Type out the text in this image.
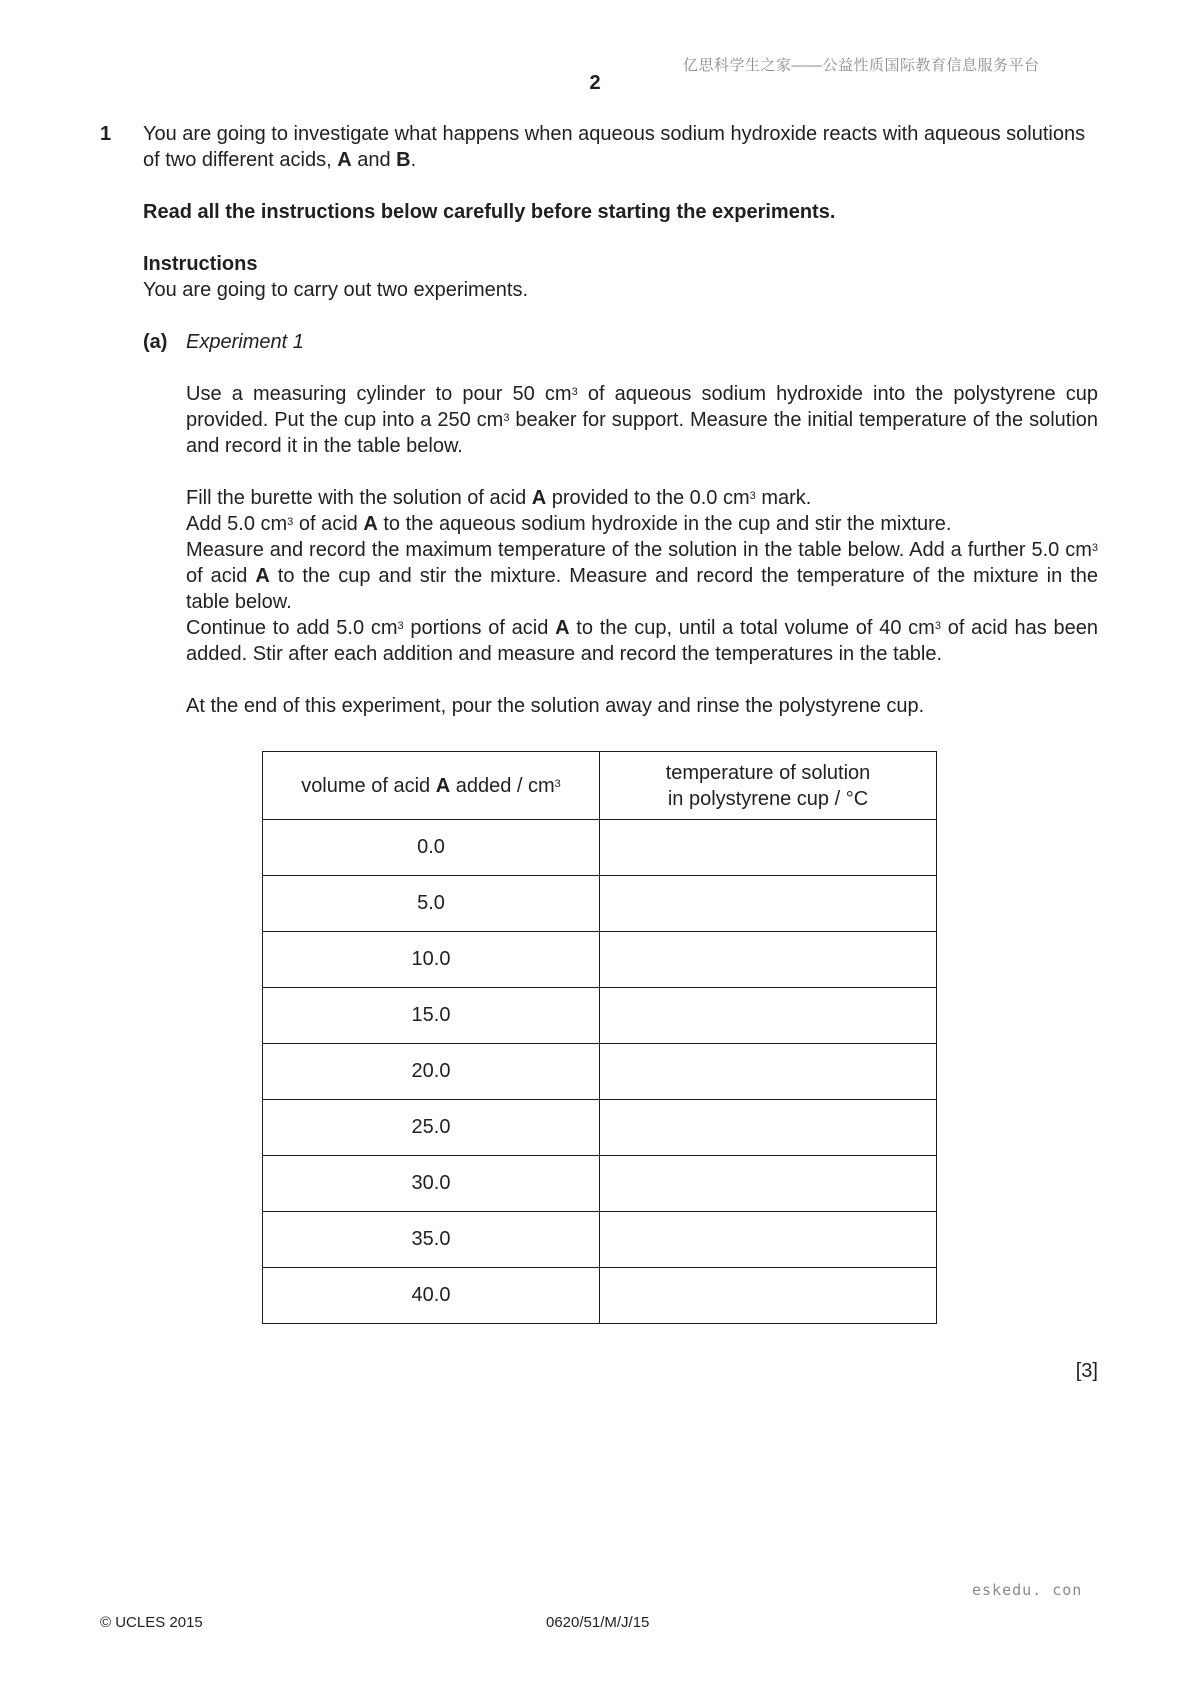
亿思科学生之家——公益性质国际教育信息服务平台
2
1 You are going to investigate what happens when aqueous sodium hydroxide reacts with aqueous solutions of two different acids, A and B.
Read all the instructions below carefully before starting the experiments.
Instructions
You are going to carry out two experiments.
(a) Experiment 1
Use a measuring cylinder to pour 50 $cm^3$ of aqueous sodium hydroxide into the polystyrene cup provided. Put the cup into a 250 $cm^3$ beaker for support. Measure the initial temperature of the solution and record it in the table below.
Fill the burette with the solution of acid A provided to the 0.0 $cm^3$ mark.
Add 5.0 $cm^3$ of acid A to the aqueous sodium hydroxide in the cup and stir the mixture.
Measure and record the maximum temperature of the solution in the table below. Add a further 5.0 $cm^3$ of acid A to the cup and stir the mixture. Measure and record the temperature of the mixture in the table below.
Continue to add 5.0 $cm^3$ portions of acid A to the cup, until a total volume of 40 $cm^3$ of acid has been added. Stir after each addition and measure and record the temperatures in the table.
At the end of this experiment, pour the solution away and rinse the polystyrene cup.
volume of acid A added / $cm^3$	temperature of solution
in polystyrene cup / °C
0.0	
5.0	
10.0	
15.0	
20.0	
25.0	
30.0	
35.0	
40.0	
[3]
eskedu. con
© UCLES 2015	0620/51/M/J/15
